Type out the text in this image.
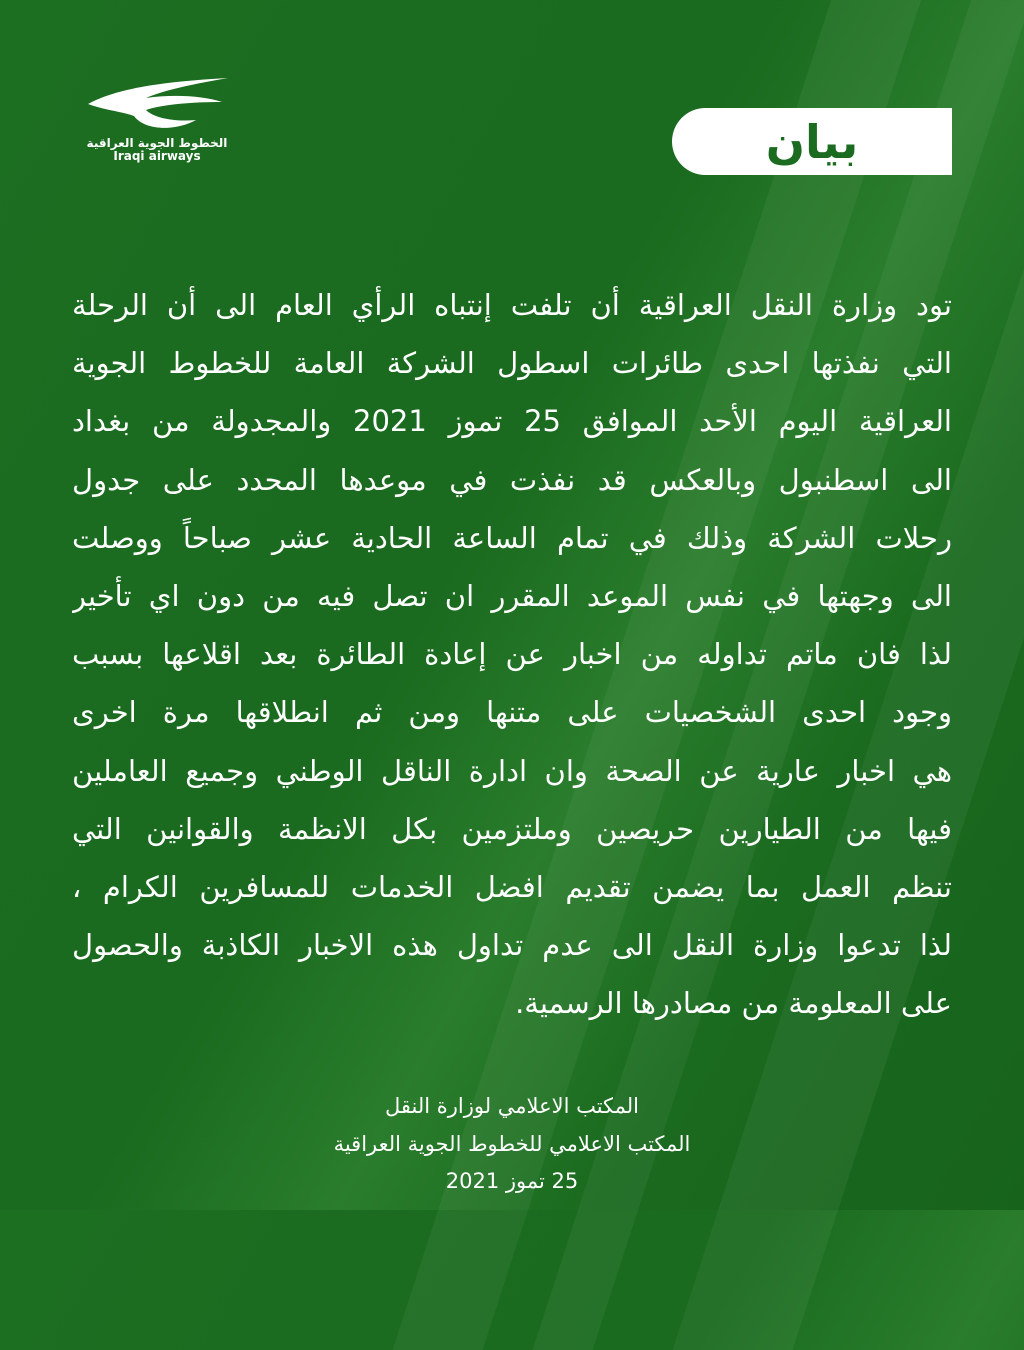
الخطوط الجوية العراقية
Iraqi airways	بيان
تود وزارة النقل العراقية أن تلفت إنتباه الرأي العام الى أن الرحلة
التي نفذتها احدى طائرات اسطول الشركة العامة للخطوط الجوية
العراقية اليوم الأحد الموافق 25 تموز 2021 والمجدولة من بغداد
الى اسطنبول وبالعكس قد نفذت في موعدها المحدد على جدول
رحلات الشركة وذلك في تمام الساعة الحادية عشر صباحاً ووصلت
الى وجهتها في نفس الموعد المقرر ان تصل فيه من دون اي تأخير
لذا فان ماتم تداوله من اخبار عن إعادة الطائرة بعد اقلاعها بسبب
وجود احدى الشخصيات على متنها ومن ثم انطلاقها مرة اخرى
هي اخبار عارية عن الصحة وان ادارة الناقل الوطني وجميع العاملين
فيها من الطيارين حريصين وملتزمين بكل الانظمة والقوانين التي
تنظم العمل بما يضمن تقديم افضل الخدمات للمسافرين الكرام ،
لذا تدعوا وزارة النقل الى عدم تداول هذه الاخبار الكاذبة والحصول
على المعلومة من مصادرها الرسمية.
المكتب الاعلامي لوزارة النقل
المكتب الاعلامي للخطوط الجوية العراقية
25 تموز 2021
